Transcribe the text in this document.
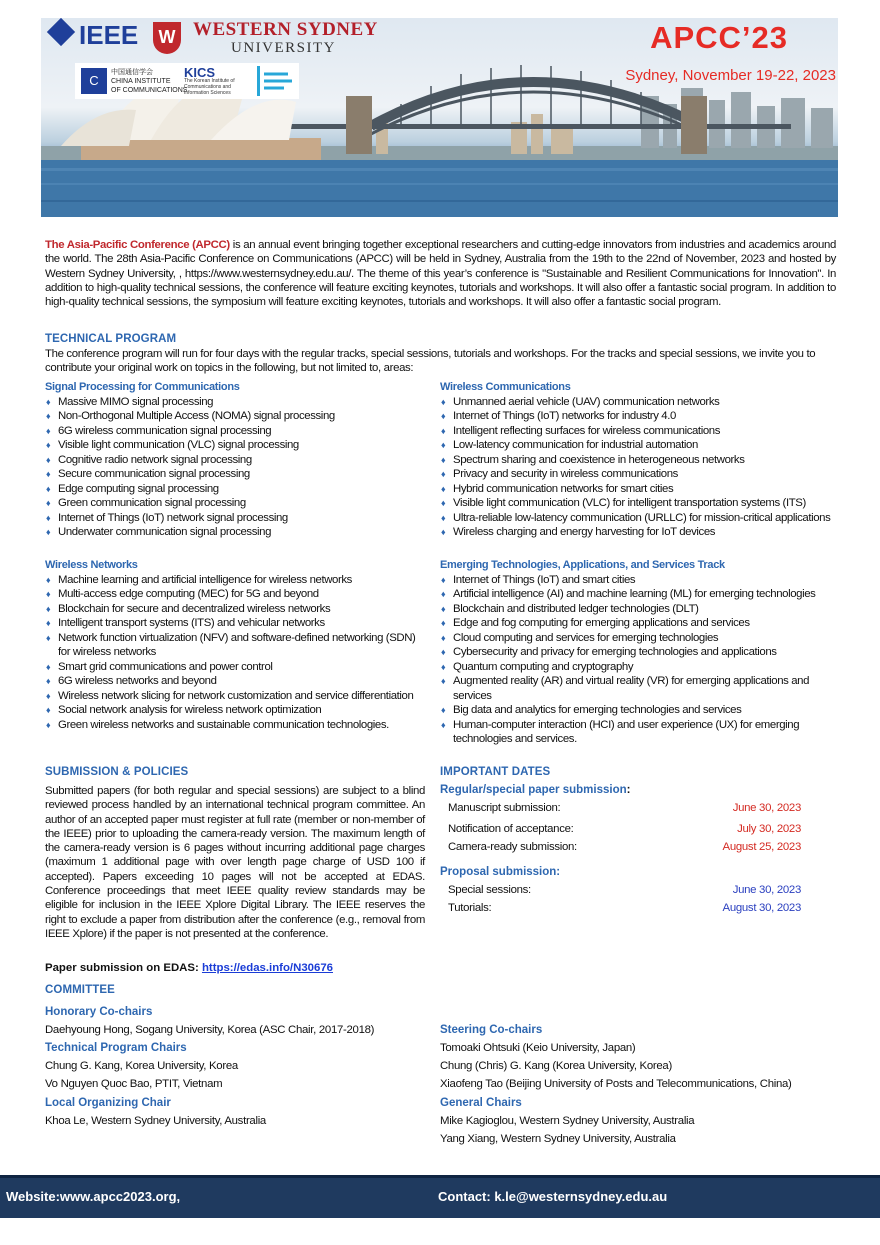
IEEE	W WESTERN SYDNEY
UNIVERSITY
C
中国通信学会
CHINA INSTITUTE
OF COMMUNICATIONS
KICS
The Korean Institute of Communications and Information Sciences
APCC’23
Sydney, November 19-22, 2023
The Asia-Pacific Conference (APCC) is an annual event bringing together exceptional researchers and cutting-edge innovators from industries and academics around the world. The 28th Asia-Pacific Conference on Communications (APCC) will be held in Sydney, Australia from the 19th to the 22nd of November, 2023 and hosted by Western Sydney University, , https://www.westernsydney.edu.au/. The theme of this year’s conference is "Sustainable and Resilient Communications for Innovation". In addition to high-quality technical sessions, the conference will feature exciting keynotes, tutorials and workshops. It will also offer a fantastic social program. In addition to high-quality technical sessions, the symposium will feature exciting keynotes, tutorials and workshops. It will also offer a fantastic social program.
TECHNICAL PROGRAM
The conference program will run for four days with the regular tracks, special sessions, tutorials and workshops. For the tracks and special sessions, we invite you to contribute your original work on topics in the following, but not limited to, areas:
Signal Processing for Communications
♦ Massive MIMO signal processing
♦ Non-Orthogonal Multiple Access (NOMA) signal processing
♦ 6G wireless communication signal processing
♦ Visible light communication (VLC) signal processing
♦ Cognitive radio network signal processing
♦ Secure communication signal processing
♦ Edge computing signal processing
♦ Green communication signal processing
♦ Internet of Things (IoT) network signal processing
♦ Underwater communication signal processing
Wireless Communications
♦ Unmanned aerial vehicle (UAV) communication networks
♦ Internet of Things (IoT) networks for industry 4.0
♦ Intelligent reflecting surfaces for wireless communications
♦ Low-latency communication for industrial automation
♦ Spectrum sharing and coexistence in heterogeneous networks
♦ Privacy and security in wireless communications
♦ Hybrid communication networks for smart cities
♦ Visible light communication (VLC) for intelligent transportation systems (ITS)
♦ Ultra-reliable low-latency communication (URLLC) for mission-critical applications
♦ Wireless charging and energy harvesting for IoT devices
Wireless Networks
♦ Machine learning and artificial intelligence for wireless networks
♦ Multi-access edge computing (MEC) for 5G and beyond
♦ Blockchain for secure and decentralized wireless networks
♦ Intelligent transport systems (ITS) and vehicular networks
♦ Network function virtualization (NFV) and software-defined networking (SDN) for wireless networks
♦ Smart grid communications and power control
♦ 6G wireless networks and beyond
♦ Wireless network slicing for network customization and service differentiation
♦ Social network analysis for wireless network optimization
♦ Green wireless networks and sustainable communication technologies.
Emerging Technologies, Applications, and Services Track
♦ Internet of Things (IoT) and smart cities
♦ Artificial intelligence (AI) and machine learning (ML) for emerging technologies
♦ Blockchain and distributed ledger technologies (DLT)
♦ Edge and fog computing for emerging applications and services
♦ Cloud computing and services for emerging technologies
♦ Cybersecurity and privacy for emerging technologies and applications
♦ Quantum computing and cryptography
♦ Augmented reality (AR) and virtual reality (VR) for emerging applications and services
♦ Big data and analytics for emerging technologies and services
♦ Human-computer interaction (HCI) and user experience (UX) for emerging technologies and services.
SUBMISSION & POLICIES
Submitted papers (for both regular and special sessions) are subject to a blind reviewed process handled by an international technical program committee. An author of an accepted paper must register at full rate (member or non-member of the IEEE) prior to uploading the camera-ready version. The maximum length of the camera-ready version is 6 pages without incurring additional page charges (maximum 1 additional page with over length page charge of USD 100 if accepted). Papers exceeding 10 pages will not be accepted at EDAS. Conference proceedings that meet IEEE quality review standards may be eligible for inclusion in the IEEE Xplore Digital Library. The IEEE reserves the right to exclude a paper from distribution after the conference (e.g., removal from IEEE Xplore) if the paper is not presented at the conference.
Paper submission on EDAS: https://edas.info/N30676
IMPORTANT DATES
Regular/special paper submission:
Manuscript submission:	June 30, 2023
Notification of acceptance:	July 30, 2023
Camera-ready submission:	August 25, 2023
Proposal submission:
Special sessions:	June 30, 2023
Tutorials:	August 30, 2023
COMMITTEE
Honorary Co-chairs
Daehyoung Hong, Sogang University, Korea (ASC Chair, 2017-2018)
Technical Program Chairs
Chung G. Kang, Korea University, Korea
Vo Nguyen Quoc Bao, PTIT, Vietnam
Local Organizing Chair
Khoa Le, Western Sydney University, Australia
Steering Co-chairs
Tomoaki Ohtsuki (Keio University, Japan)
Chung (Chris) G. Kang (Korea University, Korea)
Xiaofeng Tao (Beijing University of Posts and Telecommunications, China)
General Chairs
Mike Kagioglou, Western Sydney University, Australia
Yang Xiang, Western Sydney University, Australia
Website:www.apcc2023.org,	Contact: k.le@westernsydney.edu.au
